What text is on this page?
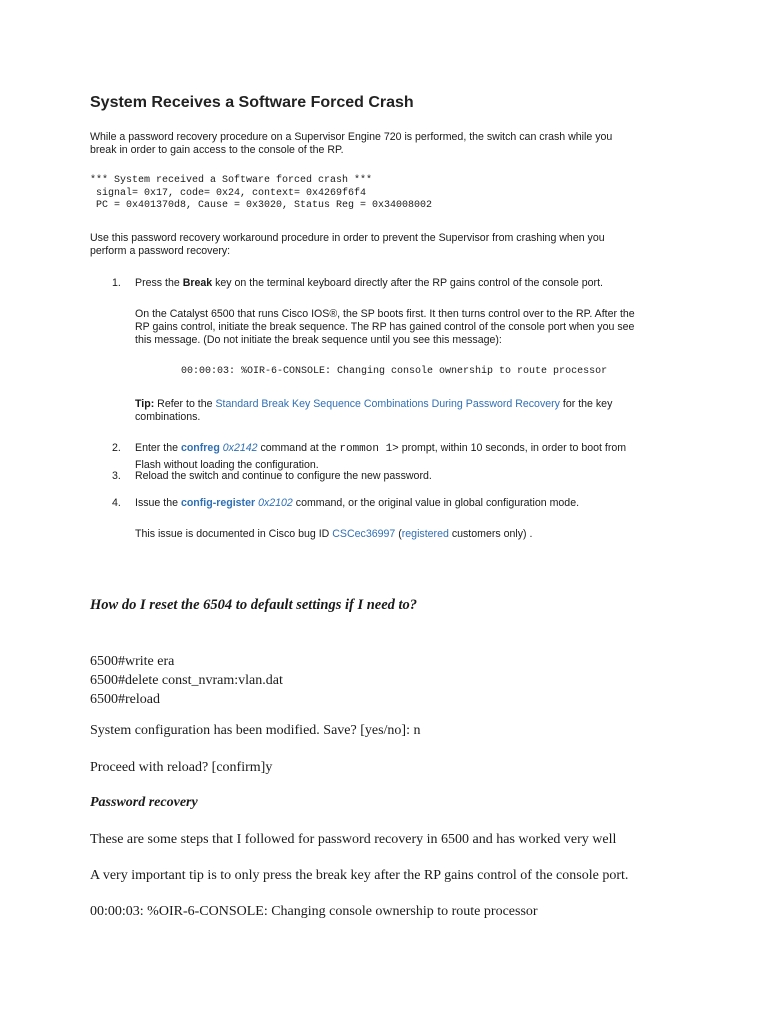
System Receives a Software Forced Crash
While a password recovery procedure on a Supervisor Engine 720 is performed, the switch can crash while you
break in order to gain access to the console of the RP.
*** System received a Software forced crash ***
signal= 0x17, code= 0x24, context= 0x4269f6f4
PC = 0x401370d8, Cause = 0x3020, Status Reg = 0x34008002
Use this password recovery workaround procedure in order to prevent the Supervisor from crashing when you
perform a password recovery:
1. Press the Break key on the terminal keyboard directly after the RP gains control of the console port.
On the Catalyst 6500 that runs Cisco IOS®, the SP boots first. It then turns control over to the RP. After the
RP gains control, initiate the break sequence. The RP has gained control of the console port when you see
this message. (Do not initiate the break sequence until you see this message):
00:00:03: %OIR-6-CONSOLE: Changing console ownership to route processor
Tip: Refer to the Standard Break Key Sequence Combinations During Password Recovery for the key
combinations.
2. Enter the confreg 0x2142 command at the rommon 1> prompt, within 10 seconds, in order to boot from
Flash without loading the configuration.
3. Reload the switch and continue to configure the new password.
4. Issue the config-register 0x2102 command, or the original value in global configuration mode.
This issue is documented in Cisco bug ID CSCec36997 (registered customers only) .
How do I reset the 6504 to default settings if I need to?
6500#write era
6500#delete const_nvram:vlan.dat
6500#reload
System configuration has been modified. Save? [yes/no]: n
Proceed with reload? [confirm]y
Password recovery
These are some steps that I followed for password recovery in 6500 and has worked very well
A very important tip is to only press the break key after the RP gains control of the console port.
00:00:03: %OIR-6-CONSOLE: Changing console ownership to route processor
